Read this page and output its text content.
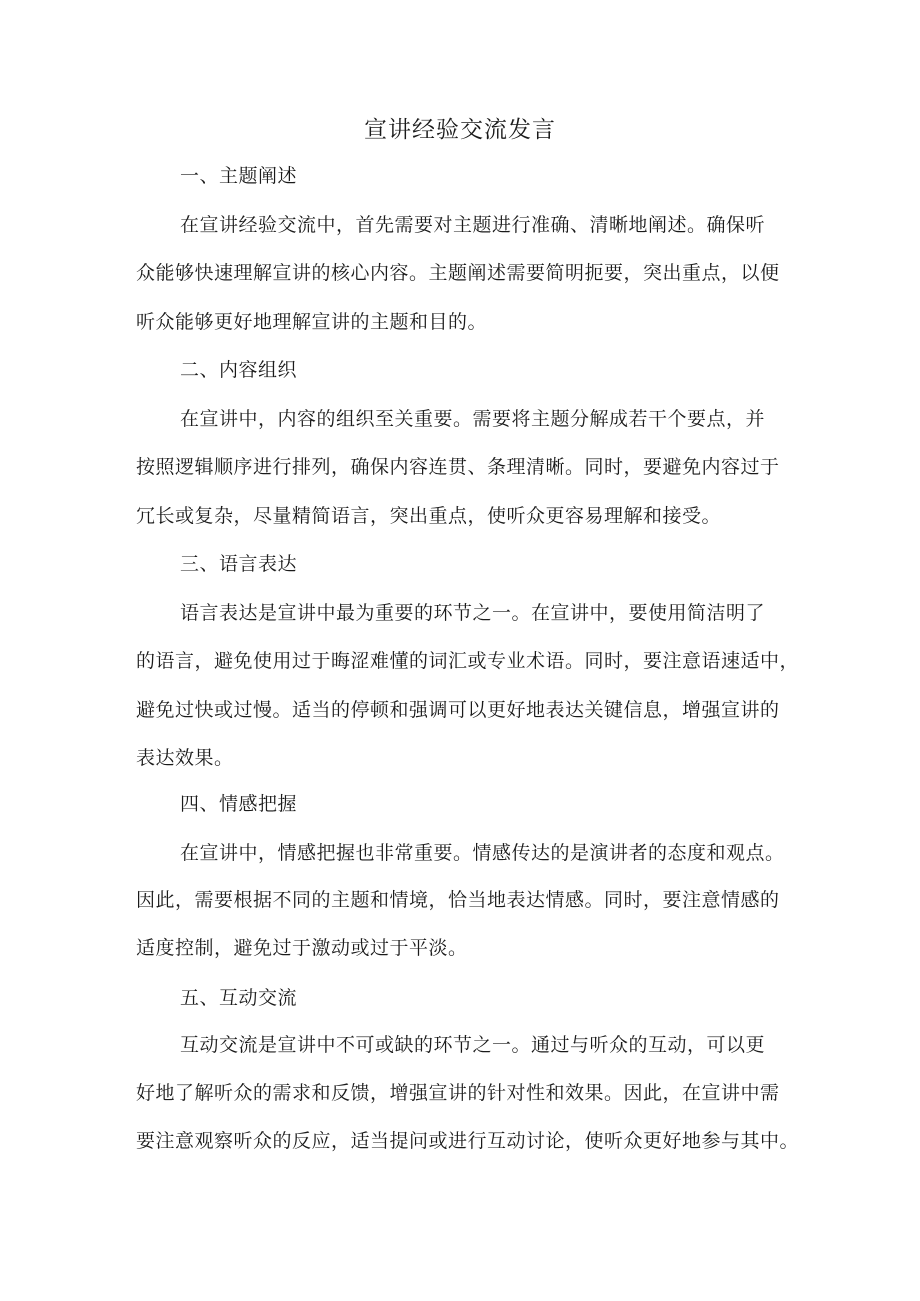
宣讲经验交流发言
一、主题阐述
在宣讲经验交流中，首先需要对主题进行准确、清晰地阐述。确保听
众能够快速理解宣讲的核心内容。主题阐述需要简明扼要，突出重点，以便
听众能够更好地理解宣讲的主题和目的。
二、内容组织
在宣讲中，内容的组织至关重要。需要将主题分解成若干个要点，并
按照逻辑顺序进行排列，确保内容连贯、条理清晰。同时，要避免内容过于
冗长或复杂，尽量精简语言，突出重点，使听众更容易理解和接受。
三、语言表达
语言表达是宣讲中最为重要的环节之一。在宣讲中，要使用简洁明了
的语言，避免使用过于晦涩难懂的词汇或专业术语。同时，要注意语速适中，
避免过快或过慢。适当的停顿和强调可以更好地表达关键信息，增强宣讲的
表达效果。
四、情感把握
在宣讲中，情感把握也非常重要。情感传达的是演讲者的态度和观点。
因此，需要根据不同的主题和情境，恰当地表达情感。同时，要注意情感的
适度控制，避免过于激动或过于平淡。
五、互动交流
互动交流是宣讲中不可或缺的环节之一。通过与听众的互动，可以更
好地了解听众的需求和反馈，增强宣讲的针对性和效果。因此，在宣讲中需
要注意观察听众的反应，适当提问或进行互动讨论，使听众更好地参与其中。
